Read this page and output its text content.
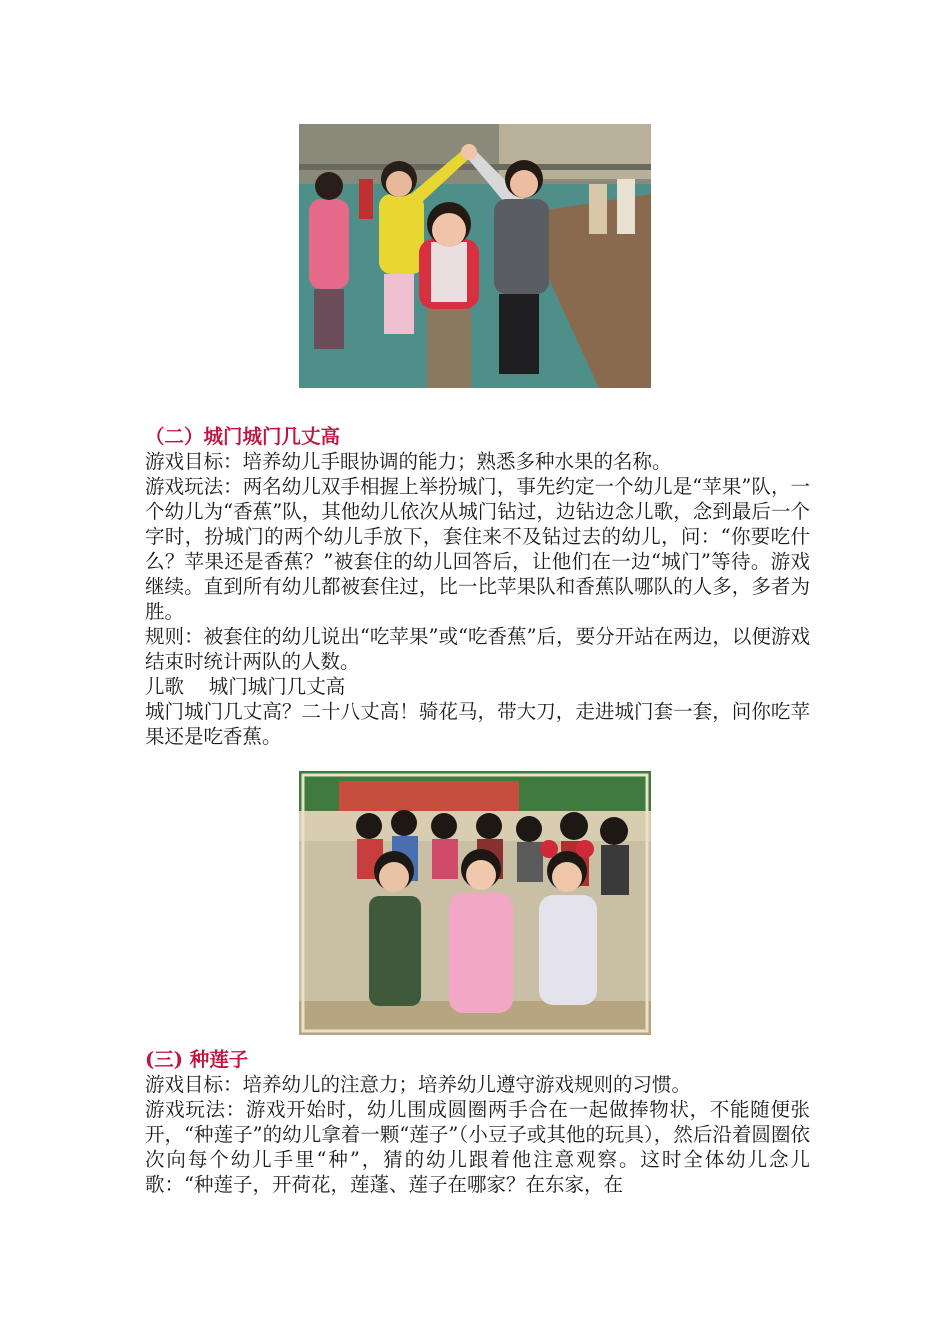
（二）城门城门几丈高

游戏目标：培养幼儿手眼协调的能力；熟悉多种水果的名称。

游戏玩法：两名幼儿双手相握上举扮城门，事先约定一个幼儿是“苹果”队，一个幼儿为“香蕉”队，其他幼儿依次从城门钻过，边钻边念儿歌，念到最后一个字时，扮城门的两个幼儿手放下，套住来不及钻过去的幼儿，问：“你要吃什么？苹果还是香蕉？”被套住的幼儿回答后，让他们在一边“城门”等待。游戏继续。直到所有幼儿都被套住过，比一比苹果队和香蕉队哪队的人多，多者为胜。

规则：被套住的幼儿说出“吃苹果”或“吃香蕉”后，要分开站在两边，以便游戏结束时统计两队的人数。

儿歌    城门城门几丈高

城门城门几丈高？二十八丈高！骑花马，带大刀，走进城门套一套，问你吃苹果还是吃香蕉。

(三) 种莲子

游戏目标：培养幼儿的注意力；培养幼儿遵守游戏规则的习惯。

游戏玩法：游戏开始时，幼儿围成圆圈两手合在一起做捧物状，不能随便张开，“种莲子”的幼儿拿着一颗“莲子”（小豆子或其他的玩具），然后沿着圆圈依次向每个幼儿手里“种”，猜的幼儿跟着他注意观察。这时全体幼儿念儿歌：“种莲子，开荷花，莲蓬、莲子在哪家？在东家，在
